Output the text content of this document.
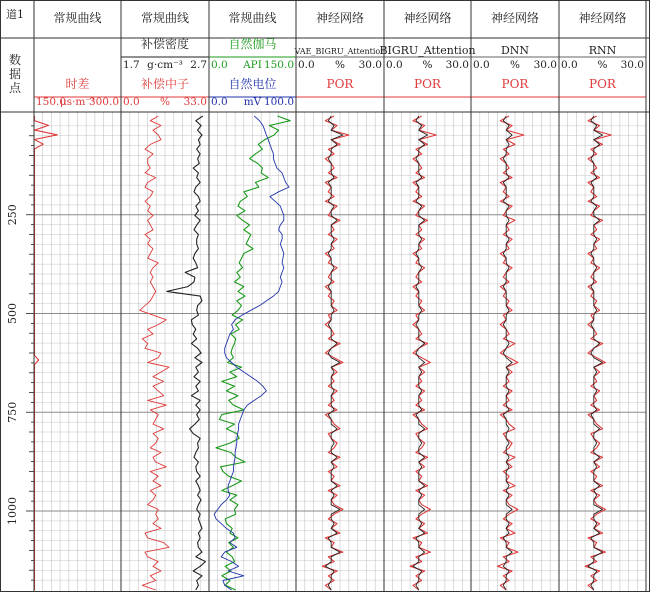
250
500
750
1000
数
据
点
道1 常规曲线
时差
150.0
μs·m⁻¹
300.0
常规曲线
补偿密度
1.7 g·cm⁻³ 2.7
补偿中子
0.0 % 33.0
常规曲线
自然伽马
0.0 API 150.0
自然电位
0.0 mV 100.0
神经网络
VAE_BIGRU_Attention
POR
0.0 % 30.0
神经网络
BIGRU_Attention
POR
0.0 % 30.0
神经网络
DNN
POR
0.0 % 30.0
神经网络
RNN
POR
0.0 % 30.0
